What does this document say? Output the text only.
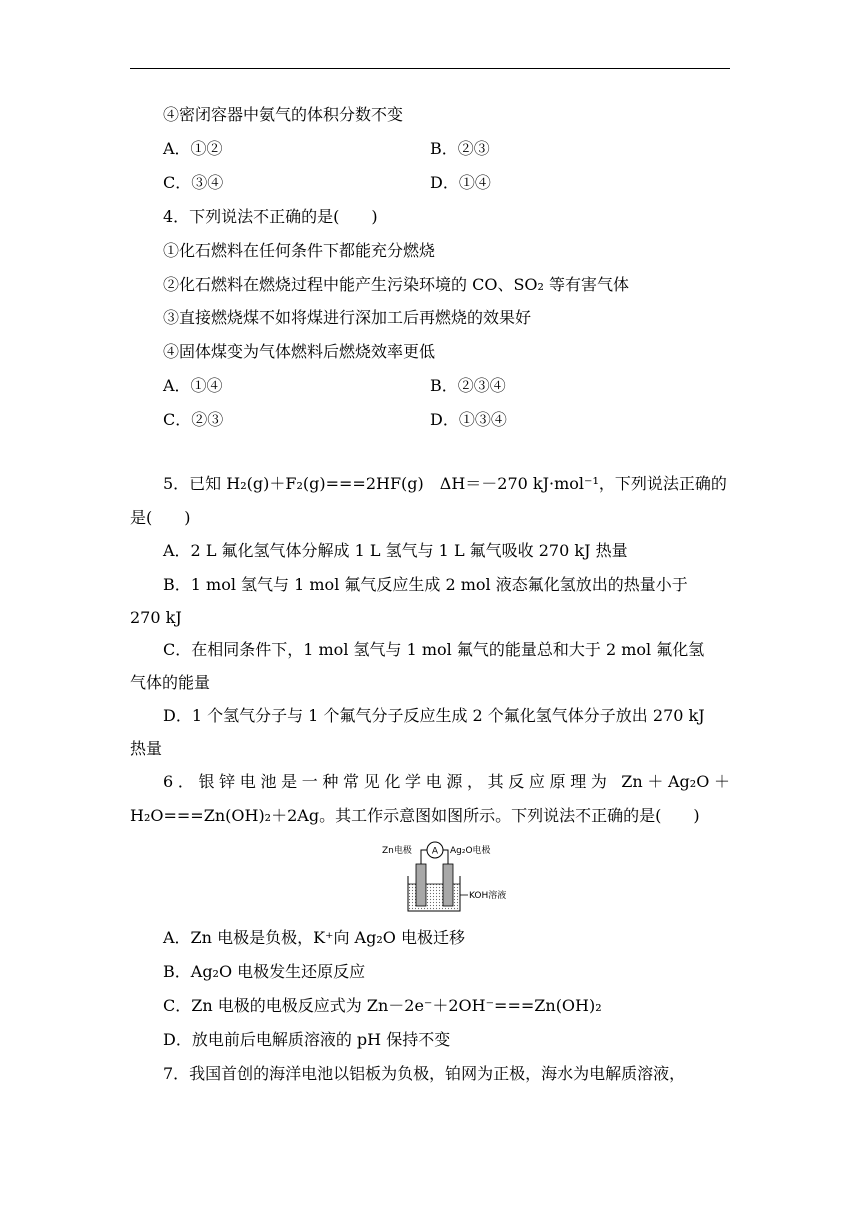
④密闭容器中氨气的体积分数不变
A．①②	B．②③
C．③④	D．①④
4．下列说法不正确的是(　　)
①化石燃料在任何条件下都能充分燃烧
②化石燃料在燃烧过程中能产生污染环境的 CO、SO₂ 等有害气体
③直接燃烧煤不如将煤进行深加工后再燃烧的效果好
④固体煤变为气体燃料后燃烧效率更低
A．①④	B．②③④
C．②③	D．①③④
5．已知 H₂(g)＋F₂(g)===2HF(g)　ΔH＝－270 kJ·mol⁻¹，下列说法正确的
是(　　)
A．2 L 氟化氢气体分解成 1 L 氢气与 1 L 氟气吸收 270 kJ 热量
B．1 mol 氢气与 1 mol 氟气反应生成 2 mol 液态氟化氢放出的热量小于
270 kJ
C．在相同条件下，1 mol 氢气与 1 mol 氟气的能量总和大于 2 mol 氟化氢
气体的能量
D．1 个氢气分子与 1 个氟气分子反应生成 2 个氟化氢气体分子放出 270 kJ
热量
6．银锌电池是一种常见化学电源，其反应原理为 Zn＋Ag₂O＋
H₂O===Zn(OH)₂＋2Ag。其工作示意图如图所示。下列说法不正确的是(　　)
A
Zn电极	Ag₂O电极
KOH溶液
A．Zn 电极是负极，K⁺向 Ag₂O 电极迁移
B．Ag₂O 电极发生还原反应
C．Zn 电极的电极反应式为 Zn－2e⁻＋2OH⁻===Zn(OH)₂
D．放电前后电解质溶液的 pH 保持不变
7．我国首创的海洋电池以铝板为负极，铂网为正极，海水为电解质溶液，
